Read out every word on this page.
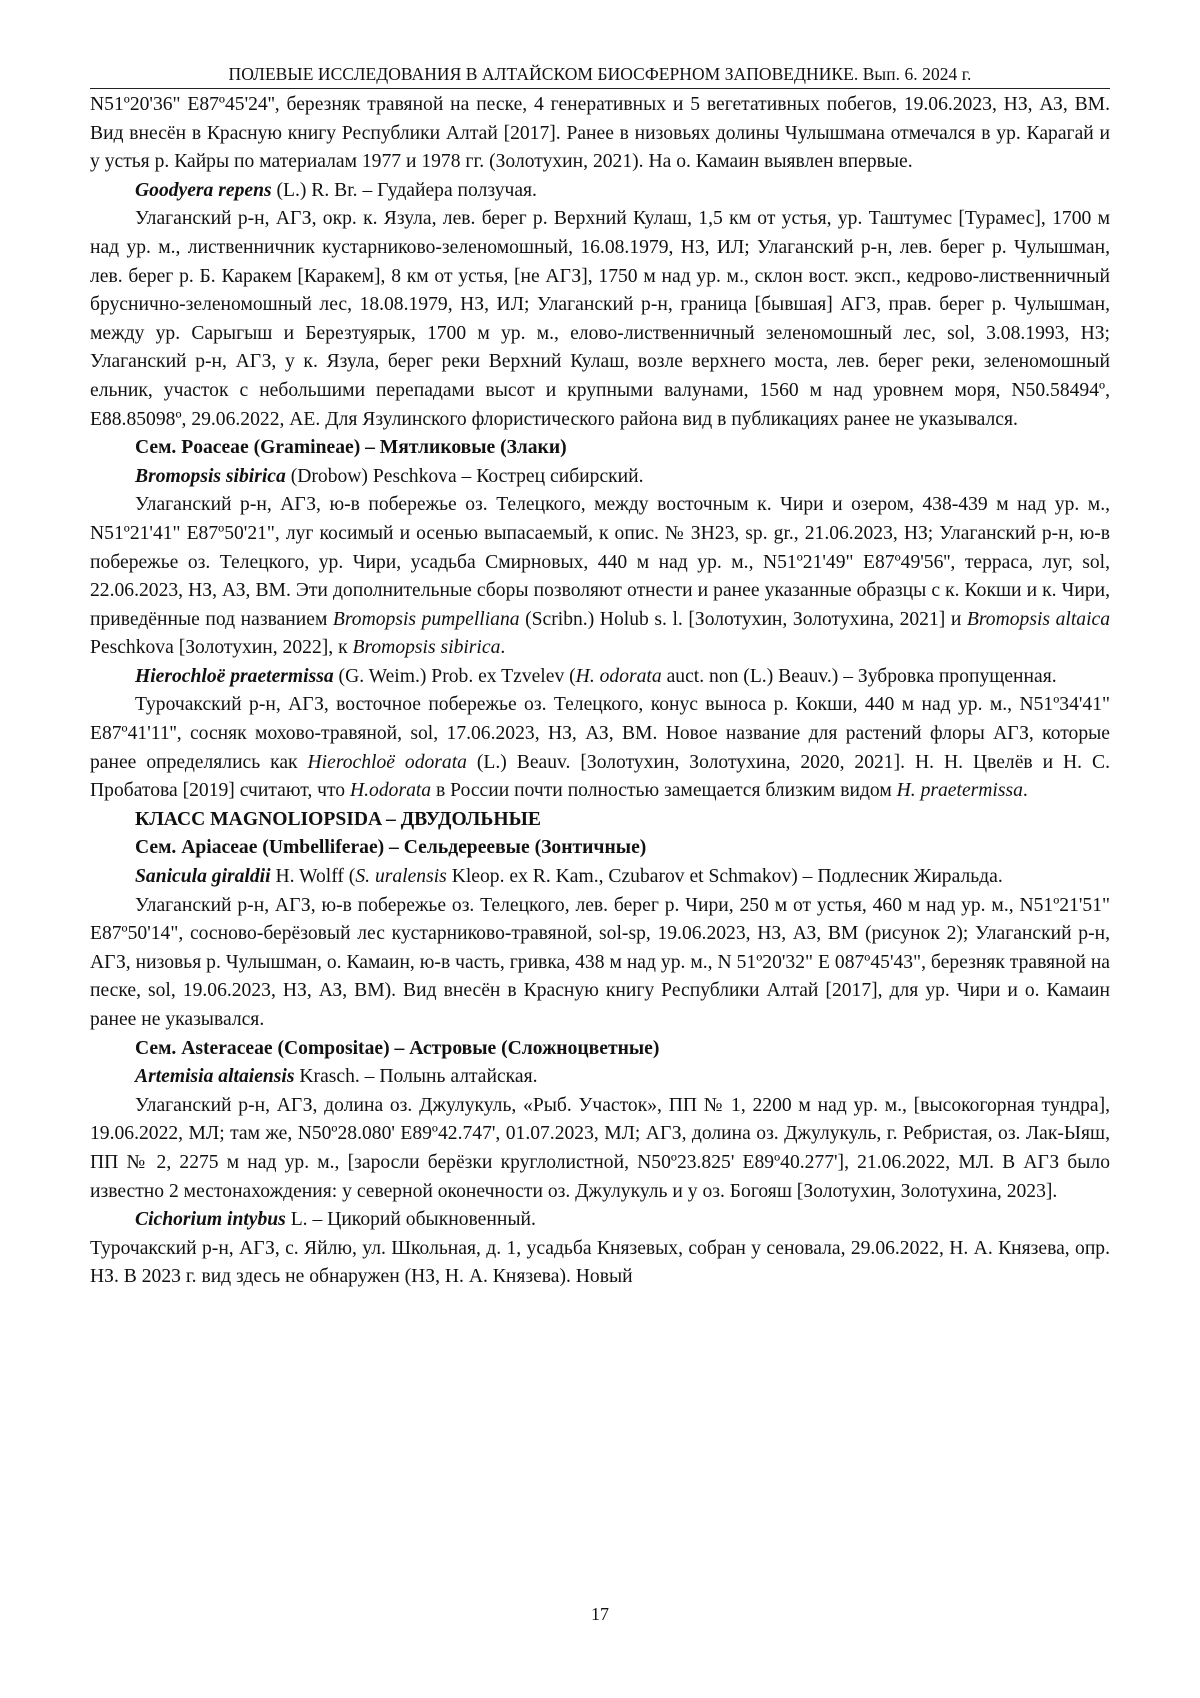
ПОЛЕВЫЕ ИССЛЕДОВАНИЯ В АЛТАЙСКОМ БИОСФЕРНОМ ЗАПОВЕДНИКЕ. Вып. 6. 2024 г.

N51º20'36" E87º45'24'', березняк травяной на песке, 4 генеративных и 5 вегетативных побегов, 19.06.2023, НЗ, АЗ, ВМ. Вид внесён в Красную книгу Республики Алтай [2017]. Ранее в низовьях долины Чулышмана отмечался в ур. Карагай и у устья р. Кайры по материалам 1977 и 1978 гг. (Золотухин, 2021). На о. Камаин выявлен впервые.

Goodyera repens (L.) R. Br. – Гудайера ползучая.

Улаганский р-н, АГЗ, окр. к. Язула, лев. берег р. Верхний Кулаш, 1,5 км от устья, ур. Таштумес [Турамес], 1700 м над ур. м., лиственничник кустарниково-зеленомошный, 16.08.1979, НЗ, ИЛ; Улаганский р-н, лев. берег р. Чулышман, лев. берег р. Б. Каракем [Каракем], 8 км от устья, [не АГЗ], 1750 м над ур. м., склон вост. эксп., кедрово-лиственничный бруснично-зеленомошный лес, 18.08.1979, НЗ, ИЛ; Улаганский р-н, граница [бывшая] АГЗ, прав. берег р. Чулышман, между ур. Сарыгыш и Березтуярык, 1700 м ур. м., елово-лиственничный зеленомошный лес, sol, 3.08.1993, НЗ; Улаганский р-н, АГЗ, у к. Язула, берег реки Верхний Кулаш, возле верхнего моста, лев. берег реки, зеленомошный ельник, участок с небольшими перепадами высот и крупными валунами, 1560 м над уровнем моря, N50.58494º, E88.85098º, 29.06.2022, АЕ. Для Язулинского флористического района вид в публикациях ранее не указывался.

Сем. Poaceae (Gramineae) – Мятликовые (Злаки)

Bromopsis sibirica (Drobow) Peschkova – Кострец сибирский.

Улаганский р-н, АГЗ, ю-в побережье оз. Телецкого, между восточным к. Чири и озером, 438-439 м над ур. м., N51º21'41" E87º50'21", луг косимый и осенью выпасаемый, к опис. № ЗН23, sp. gr., 21.06.2023, НЗ; Улаганский р-н, ю-в побережье оз. Телецкого, ур. Чири, усадьба Смирновых, 440 м над ур. м., N51º21'49" E87º49'56'', терраса, луг, sol, 22.06.2023, НЗ, АЗ, ВМ. Эти дополнительные сборы позволяют отнести и ранее указанные образцы с к. Кокши и к. Чири, приведённые под названием Bromopsis pumpelliana (Scribn.) Holub s. l. [Золотухин, Золотухина, 2021] и Bromopsis altaica Peschkova [Золотухин, 2022], к Bromopsis sibirica.

Hierochloë praetermissa (G. Weim.) Prob. ex Tzvelev (H. odorata auct. non (L.) Beauv.) – Зубровка пропущенная.

Турочакский р-н, АГЗ, восточное побережье оз. Телецкого, конус выноса р. Кокши, 440 м над ур. м., N51º34'41" E87º41'11'', сосняк мохово-травяной, sol, 17.06.2023, НЗ, АЗ, ВМ. Новое название для растений флоры АГЗ, которые ранее определялись как Hierochloë odorata (L.) Beauv. [Золотухин, Золотухина, 2020, 2021]. Н. Н. Цвелёв и Н. С. Пробатова [2019] считают, что H.odorata в России почти полностью замещается близким видом H. praetermissa.

КЛАСС MAGNOLIOPSIDA – ДВУДОЛЬНЫЕ

Сем. Apiaceae (Umbelliferae) – Сельдереевые (Зонтичные)

Sanicula giraldii H. Wolff (S. uralensis Kleop. ex R. Kam., Czubarov et Schmakov) – Подлесник Жиральда.

Улаганский р-н, АГЗ, ю-в побережье оз. Телецкого, лев. берег р. Чири, 250 м от устья, 460 м над ур. м., N51º21'51" E87º50'14", сосново-берёзовый лес кустарниково-травяной, sol-sp, 19.06.2023, НЗ, АЗ, ВМ (рисунок 2); Улаганский р-н, АГЗ, низовья р. Чулышман, о. Камаин, ю-в часть, гривка, 438 м над ур. м., N 51º20'32" E 087º45'43", березняк травяной на песке, sol, 19.06.2023, НЗ, АЗ, ВМ). Вид внесён в Красную книгу Республики Алтай [2017], для ур. Чири и о. Камаин ранее не указывался.

Сем. Asteraceae (Compositae) – Астровые (Сложноцветные)

Artemisia altaiensis Krasch. – Полынь алтайская.

Улаганский р-н, АГЗ, долина оз. Джулукуль, «Рыб. Участок», ПП № 1, 2200 м над ур. м., [высокогорная тундра], 19.06.2022, МЛ; там же, N50º28.080' E89º42.747', 01.07.2023, МЛ; АГЗ, долина оз. Джулукуль, г. Ребристая, оз. Лак-Ыяш, ПП № 2, 2275 м над ур. м., [заросли берёзки круглолистной, N50º23.825' E89º40.277'], 21.06.2022, МЛ. В АГЗ было известно 2 местонахождения: у северной оконечности оз. Джулукуль и у оз. Богояш [Золотухин, Золотухина, 2023].

Cichorium intybus L. – Цикорий обыкновенный.

Турочакский р-н, АГЗ, с. Яйлю, ул. Школьная, д. 1, усадьба Князевых, собран у сеновала, 29.06.2022, Н. А. Князева, опр. НЗ. В 2023 г. вид здесь не обнаружен (НЗ, Н. А. Князева). Новый

17
